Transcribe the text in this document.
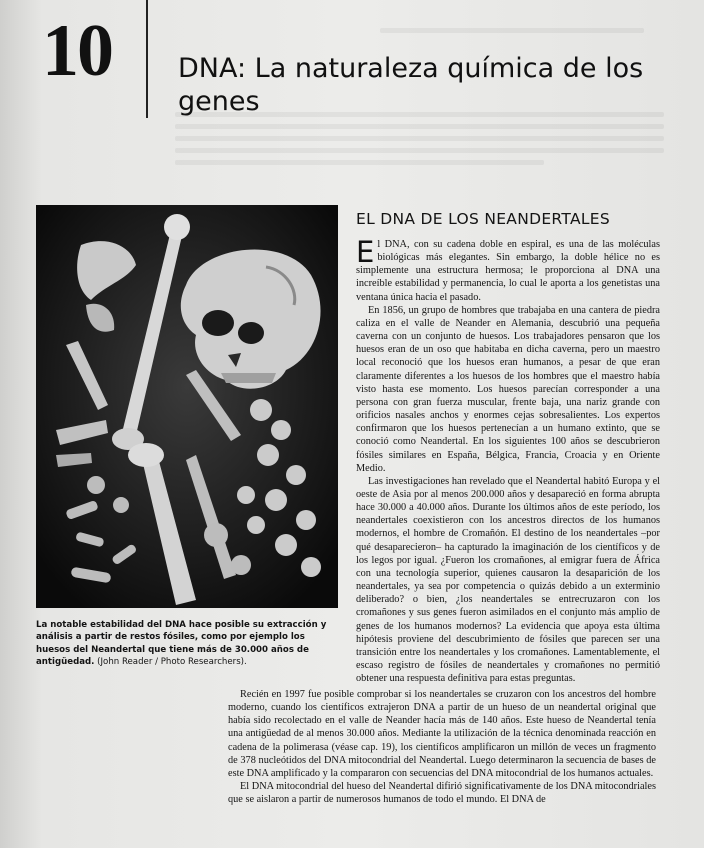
10 DNA: La naturaleza química de los genes
La notable estabilidad del DNA hace posible su extracción y análisis a partir de restos fósiles, como por ejemplo los huesos del Neandertal que tiene más de 30.000 años de antigüedad. (John Reader / Photo Researchers).
EL DNA DE LOS NEANDERTALES

El DNA, con su cadena doble en espiral, es una de las moléculas biológicas más elegantes. Sin embargo, la doble hélice no es simplemente una estructura hermosa; le proporciona al DNA una increíble estabilidad y permanencia, lo cual le aporta a los genetistas una ventana única hacia el pasado.

En 1856, un grupo de hombres que trabajaba en una cantera de piedra caliza en el valle de Neander en Alemania, descubrió una pequeña caverna con un conjunto de huesos. Los trabajadores pensaron que los huesos eran de un oso que habitaba en dicha caverna, pero un maestro local reconoció que los huesos eran humanos, a pesar de que eran claramente diferentes a los huesos de los hombres que el maestro había visto hasta ese momento. Los huesos parecían corresponder a una persona con gran fuerza muscular, frente baja, una nariz grande con orificios nasales anchos y enormes cejas sobresalientes. Los expertos confirmaron que los huesos pertenecían a un humano extinto, que se conoció como Neandertal. En los siguientes 100 años se descubrieron fósiles similares en España, Bélgica, Francia, Croacia y en Oriente Medio.

Las investigaciones han revelado que el Neandertal habitó Europa y el oeste de Asia por al menos 200.000 años y desapareció en forma abrupta hace 30.000 a 40.000 años. Durante los últimos años de este período, los neandertales coexistieron con los ancestros directos de los humanos modernos, el hombre de Cromañón. El destino de los neandertales –por qué desaparecieron– ha capturado la imaginación de los científicos y de los legos por igual. ¿Fueron los cromañones, al emigrar fuera de África con una tecnología superior, quienes causaron la desaparición de los neandertales, ya sea por competencia o quizás debido a un exterminio deliberado? o bien, ¿los neandertales se entrecruzaron con los cromañones y sus genes fueron asimilados en el conjunto más amplio de genes de los humanos modernos? La evidencia que apoya esta última hipótesis proviene del descubrimiento de fósiles que parecen ser una transición entre los neandertales y los cromañones. Lamentablemente, el escaso registro de fósiles de neandertales y cromañones no permitió obtener una respuesta definitiva para estas preguntas.

Recién en 1997 fue posible comprobar si los neandertales se cruzaron con los ancestros del hombre moderno, cuando los científicos extrajeron DNA a partir de un hueso de un neandertal original que había sido recolectado en el valle de Neander hacía más de 140 años. Este hueso de Neandertal tenía una antigüedad de al menos 30.000 años. Mediante la utilización de la técnica denominada reacción en cadena de la polimerasa (véase cap. 19), los científicos amplificaron un millón de veces un fragmento de 378 nucleótidos del DNA mitocondrial del Neandertal. Luego determinaron la secuencia de bases de este DNA amplificado y la compararon con secuencias del DNA mitocondrial de los humanos actuales.

El DNA mitocondrial del hueso del Neandertal difirió significativamente de los DNA mitocondriales que se aislaron a partir de numerosos humanos de todo el mundo. El DNA de
